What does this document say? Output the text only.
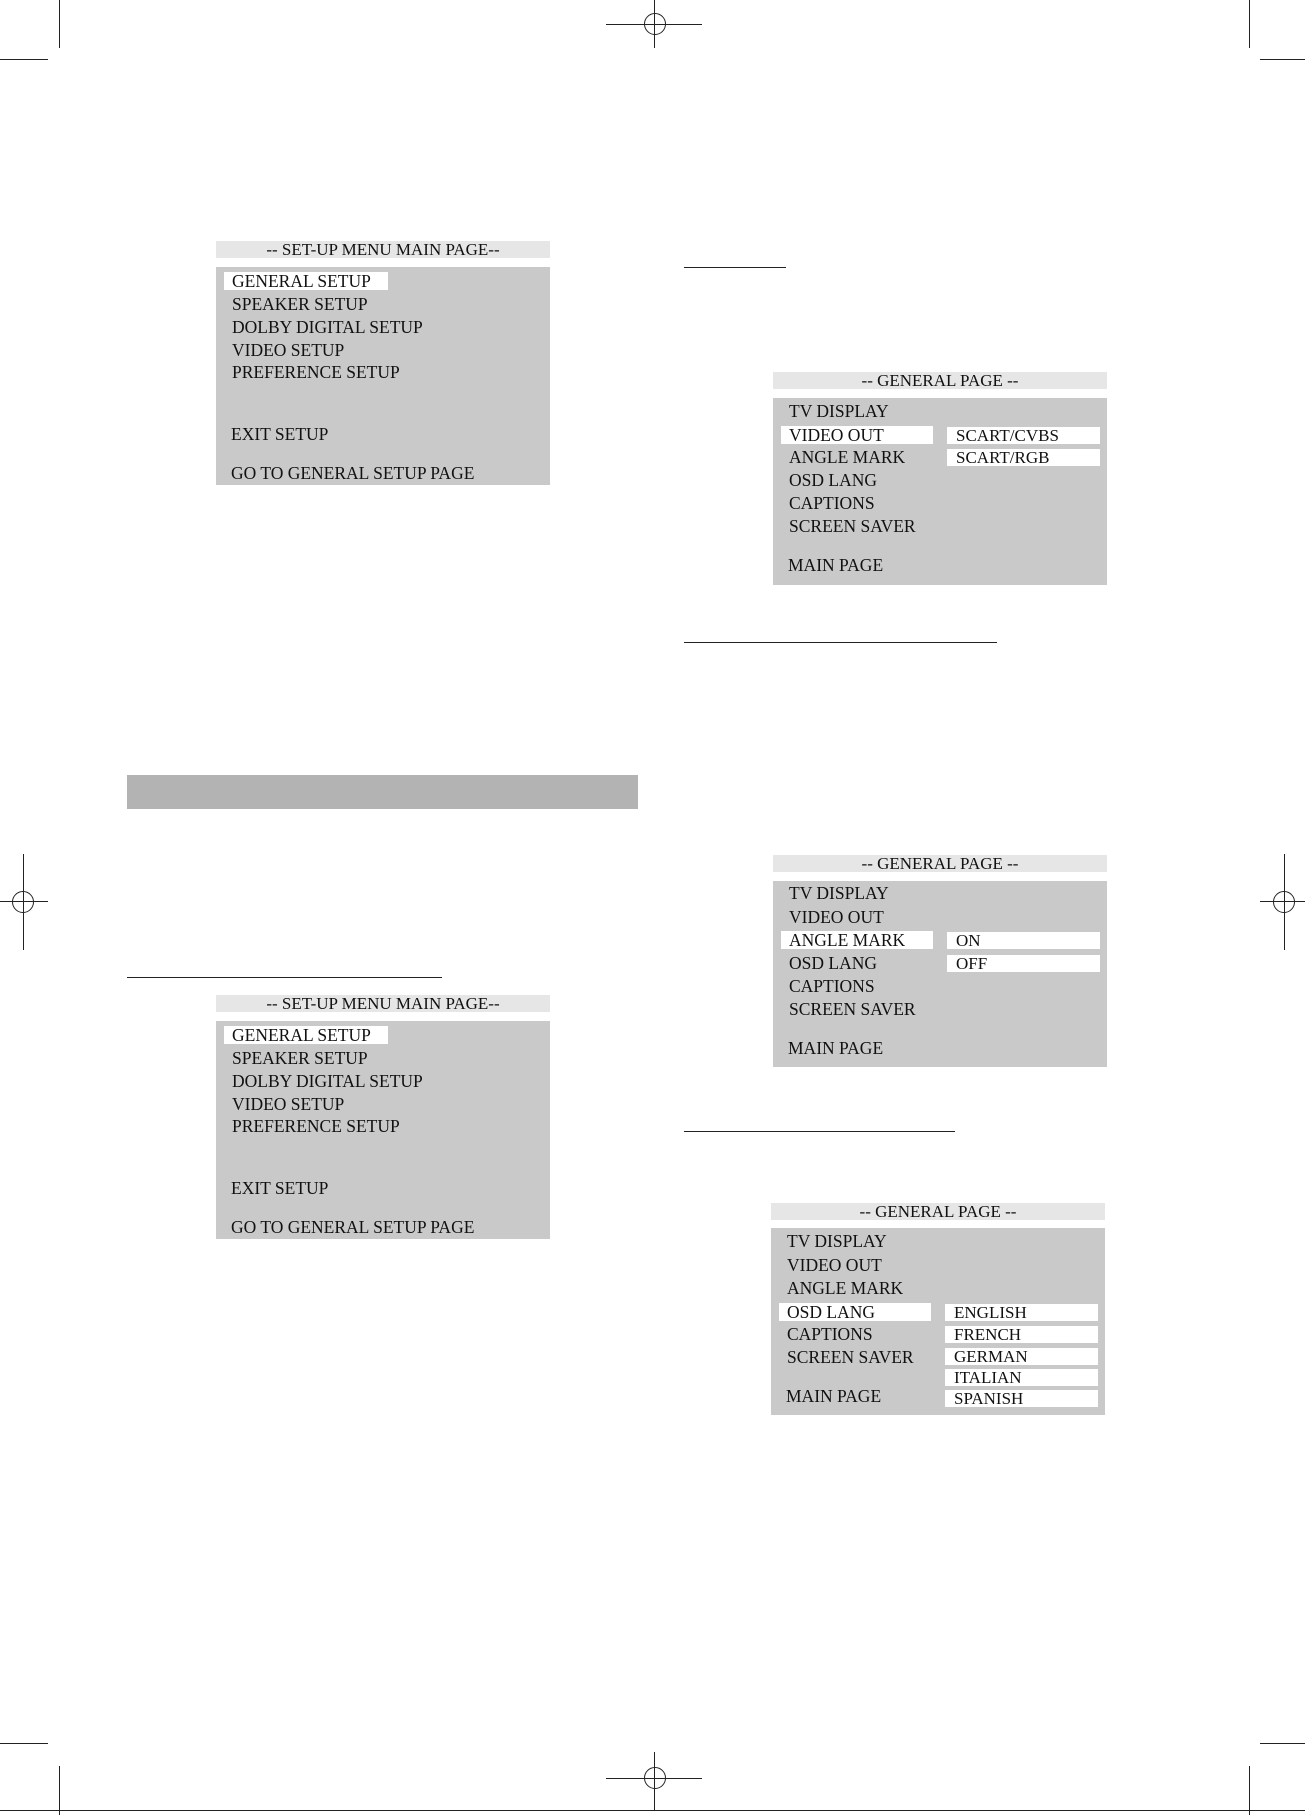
-- SET-UP MENU MAIN PAGE--
GENERAL SETUP
SPEAKER SETUP
DOLBY DIGITAL SETUP
VIDEO SETUP
PREFERENCE SETUP
EXIT SETUP
GO TO GENERAL SETUP PAGE
-- SET-UP MENU MAIN PAGE--
GENERAL SETUP
SPEAKER SETUP
DOLBY DIGITAL SETUP
VIDEO SETUP
PREFERENCE SETUP
EXIT SETUP
GO TO GENERAL SETUP PAGE
-- GENERAL PAGE --
TV DISPLAY
VIDEO OUT
ANGLE MARK
OSD LANG
CAPTIONS
SCREEN SAVER
MAIN PAGE
SCART/CVBS
SCART/RGB
-- GENERAL PAGE --
TV DISPLAY
VIDEO OUT
ANGLE MARK
OSD LANG
CAPTIONS
SCREEN SAVER
MAIN PAGE
ON
OFF
-- GENERAL PAGE --
TV DISPLAY
VIDEO OUT
ANGLE MARK
OSD LANG
CAPTIONS
SCREEN SAVER
MAIN PAGE
ENGLISH
FRENCH
GERMAN
ITALIAN
SPANISH
